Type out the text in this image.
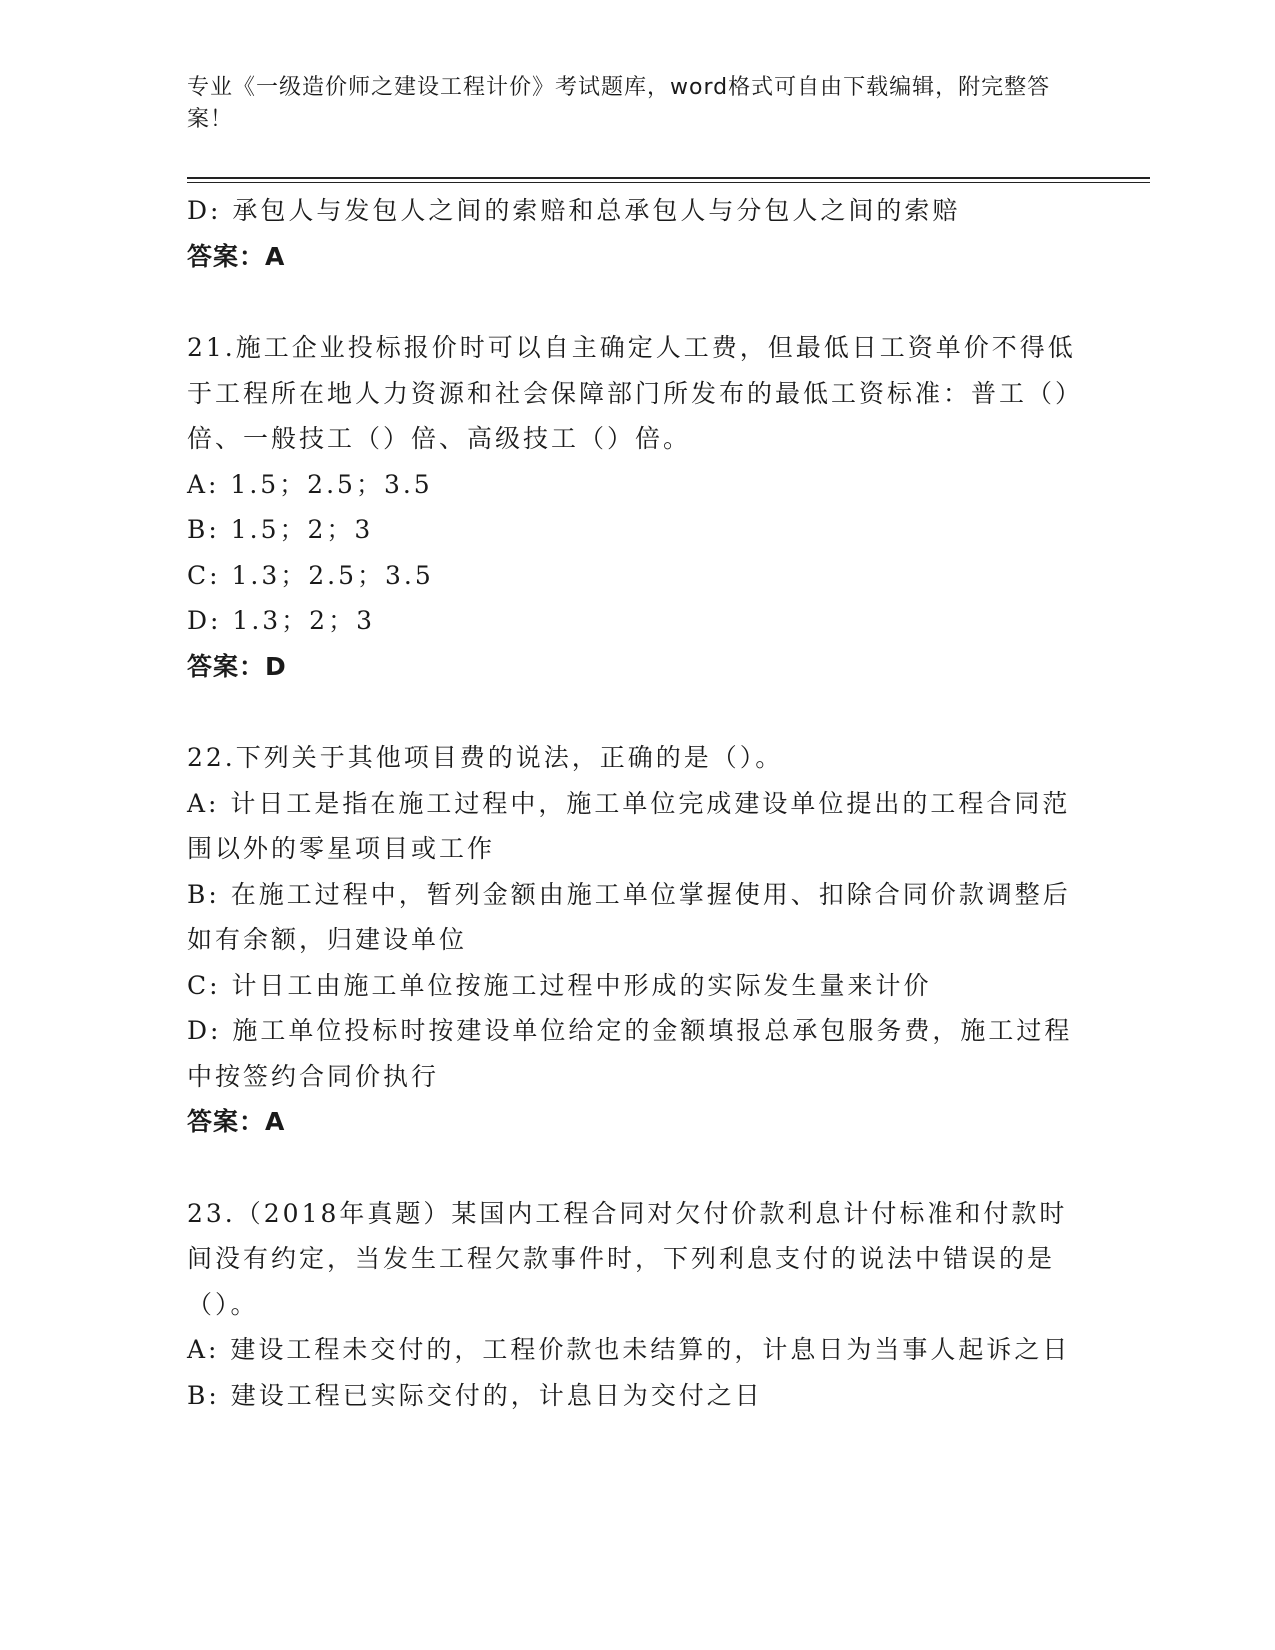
专业《一级造价师之建设工程计价》考试题库，word格式可自由下载编辑，附完整答案！

D: 承包人与发包人之间的索赔和总承包人与分包人之间的索赔

答案：A

21.施工企业投标报价时可以自主确定人工费，但最低日工资单价不得低于工程所在地人力资源和社会保障部门所发布的最低工资标准：普工（）倍、一般技工（）倍、高级技工（）倍。

A: 1.5；2.5；3.5

B: 1.5；2；3

C: 1.3；2.5；3.5

D: 1.3；2；3

答案：D

22.下列关于其他项目费的说法，正确的是（）。

A: 计日工是指在施工过程中，施工单位完成建设单位提出的工程合同范围以外的零星项目或工作

B: 在施工过程中，暂列金额由施工单位掌握使用、扣除合同价款调整后如有余额，归建设单位

C: 计日工由施工单位按施工过程中形成的实际发生量来计价

D: 施工单位投标时按建设单位给定的金额填报总承包服务费，施工过程中按签约合同价执行

答案：A

23.（2018年真题）某国内工程合同对欠付价款利息计付标准和付款时间没有约定，当发生工程欠款事件时，下列利息支付的说法中错误的是（）。

A: 建设工程未交付的，工程价款也未结算的，计息日为当事人起诉之日

B: 建设工程已实际交付的，计息日为交付之日
